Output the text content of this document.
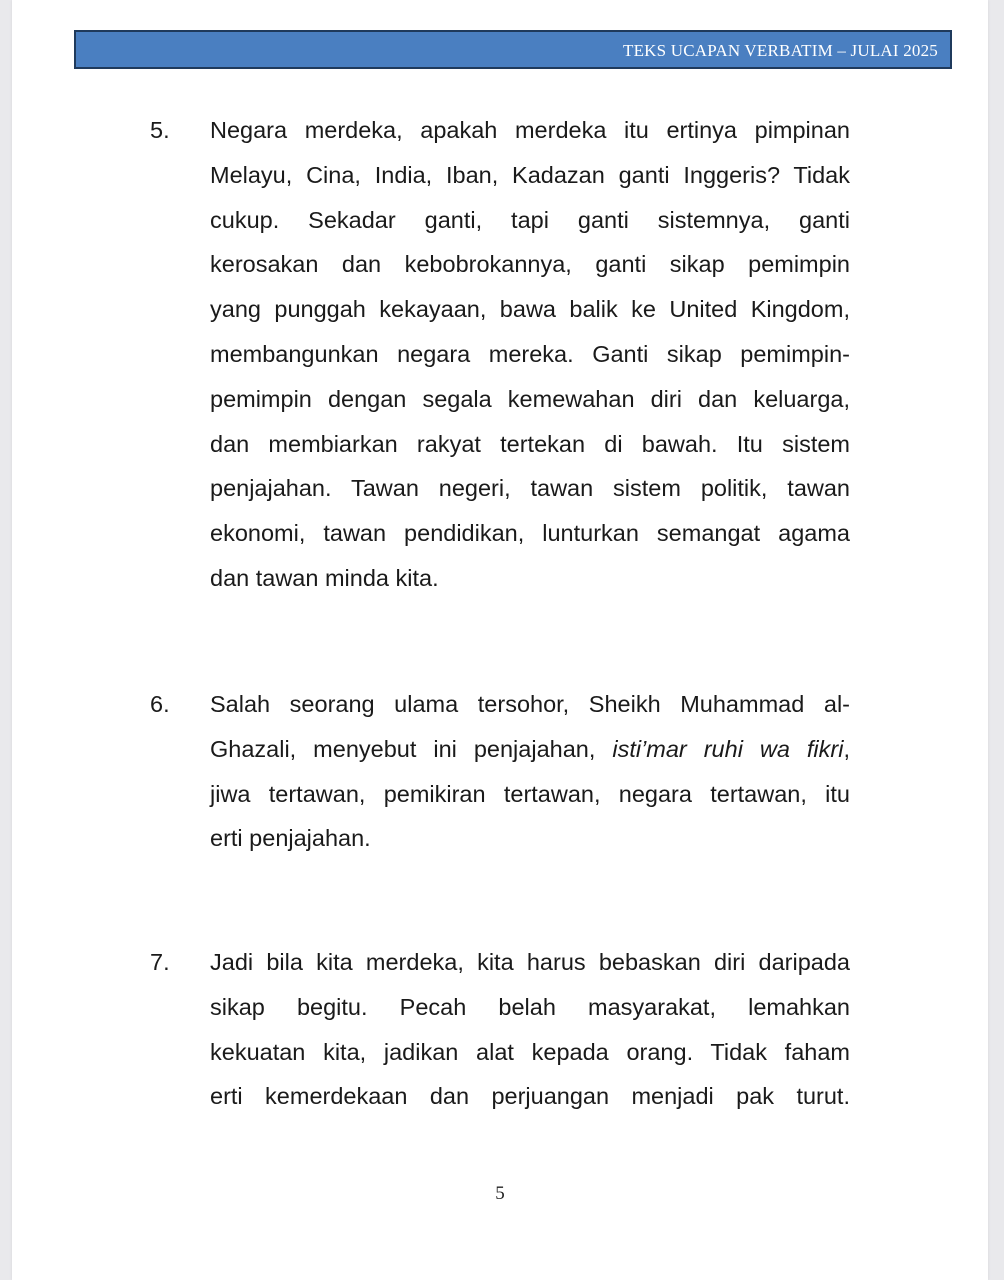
TEKS UCAPAN VERBATIM – JULAI 2025
5.	Negara merdeka, apakah merdeka itu ertinya pimpinan
Melayu, Cina, India, Iban, Kadazan ganti Inggeris? Tidak
cukup. Sekadar ganti, tapi ganti sistemnya, ganti
kerosakan dan kebobrokannya, ganti sikap pemimpin
yang punggah kekayaan, bawa balik ke United Kingdom,
membangunkan negara mereka. Ganti sikap pemimpin-
pemimpin dengan segala kemewahan diri dan keluarga,
dan membiarkan rakyat tertekan di bawah. Itu sistem
penjajahan. Tawan negeri, tawan sistem politik, tawan
ekonomi, tawan pendidikan, lunturkan semangat agama
dan tawan minda kita.
6.	Salah seorang ulama tersohor, Sheikh Muhammad al-
Ghazali, menyebut ini penjajahan, isti’mar ruhi wa fikri,
jiwa tertawan, pemikiran tertawan, negara tertawan, itu
erti penjajahan.
7.	Jadi bila kita merdeka, kita harus bebaskan diri daripada
sikap begitu. Pecah belah masyarakat, lemahkan
kekuatan kita, jadikan alat kepada orang. Tidak faham
erti kemerdekaan dan perjuangan menjadi pak turut.
5
